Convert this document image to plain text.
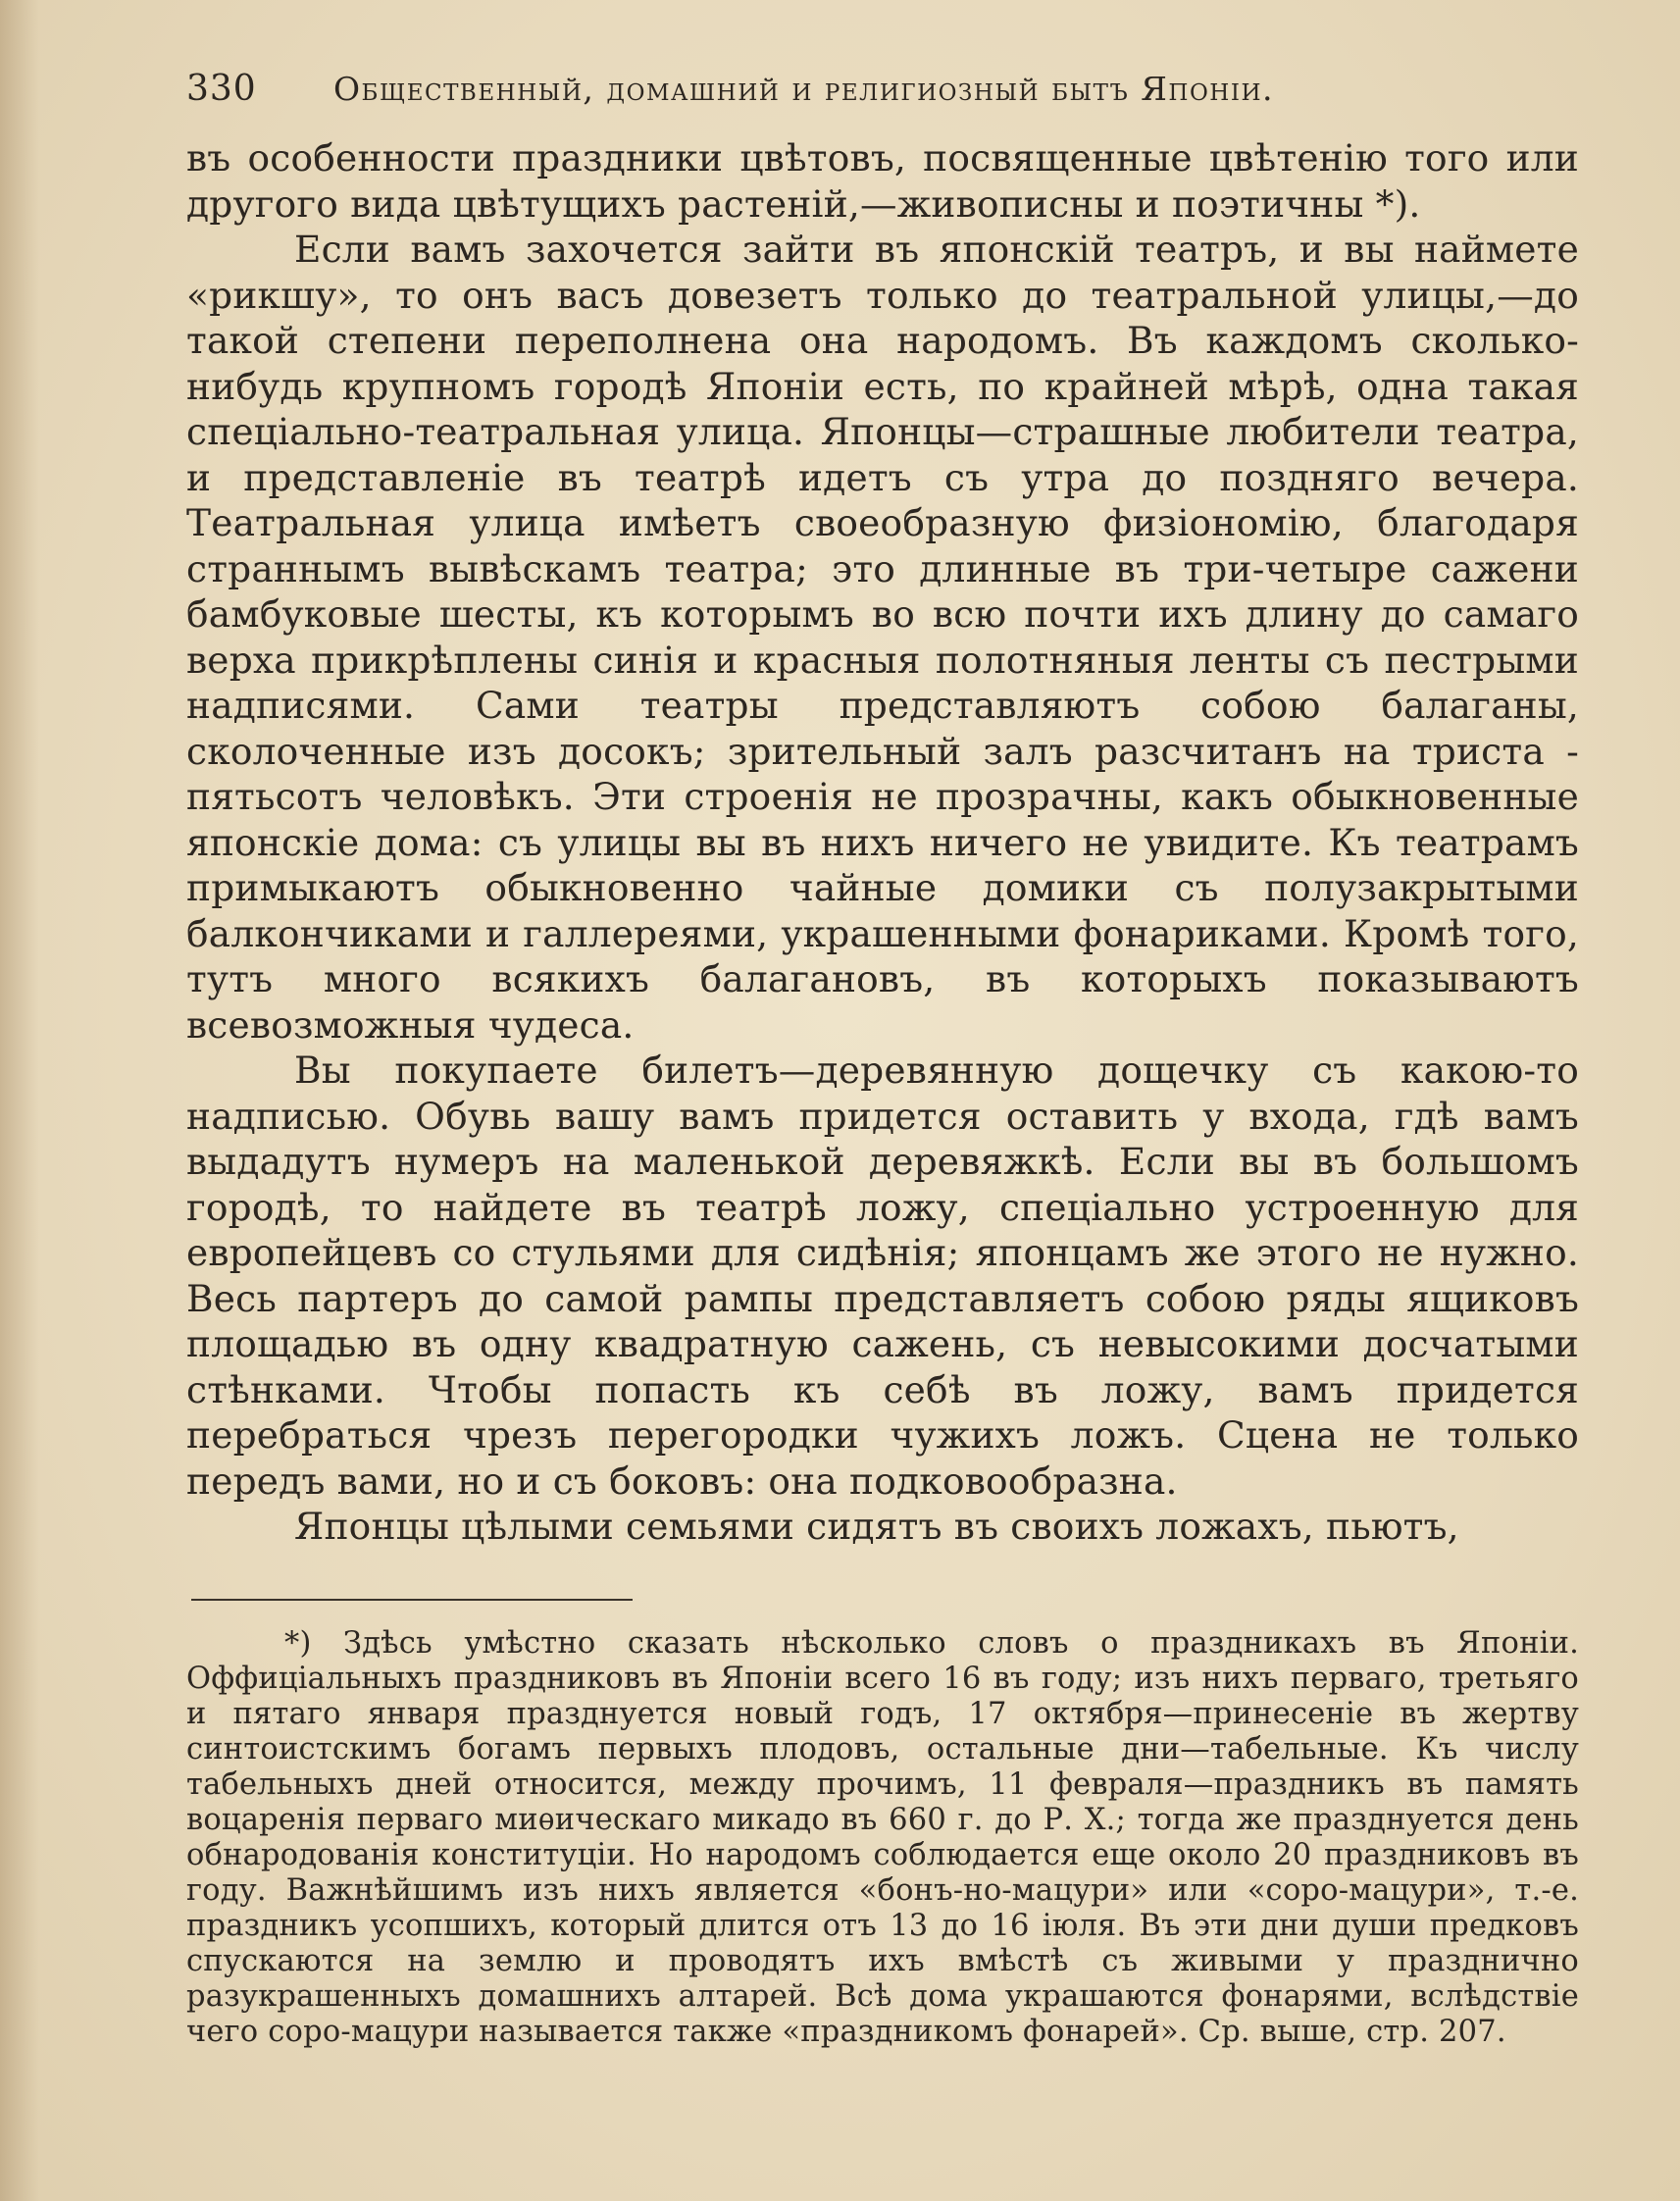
330	Общественный, домашний и религиозный бытъ Японiи.

въ особенности праздники цвѣтовъ, посвященные цвѣтенiю того или другого вида цвѣтущихъ растенiй,—живописны и поэтичны *).

Если вамъ захочется зайти въ японскiй театръ, и вы наймете «рикшу», то онъ васъ довезетъ только до театральной улицы,—до такой степени переполнена она народомъ. Въ каждомъ сколько-нибудь крупномъ городѣ Японiи есть, по крайней мѣрѣ, одна такая спецiально-театральная улица. Японцы—страшные любители театра, и представленiе въ театрѣ идетъ съ утра до поздняго вечера. Театральная улица имѣетъ своеобразную физiономiю, благодаря страннымъ вывѣскамъ театра; это длинные въ три-четыре сажени бамбуковые шесты, къ которымъ во всю почти ихъ длину до самаго верха прикрѣплены синiя и красныя полотняныя ленты съ пестрыми надписями. Сами театры представляютъ собою балаганы, сколоченные изъ досокъ; зрительный залъ разсчитанъ на триста - пятьсотъ человѣкъ. Эти строенiя не прозрачны, какъ обыкновенные японскiе дома: съ улицы вы въ нихъ ничего не увидите. Къ театрамъ примыкаютъ обыкновенно чайные домики съ полузакрытыми балкончиками и галлереями, украшенными фонариками. Кромѣ того, тутъ много всякихъ балагановъ, въ которыхъ показываютъ всевозможныя чудеса.

Вы покупаете билетъ—деревянную дощечку съ какою-то надписью. Обувь вашу вамъ придется оставить у входа, гдѣ вамъ выдадутъ нумеръ на маленькой деревяжкѣ. Если вы въ большомъ городѣ, то найдете въ театрѣ ложу, спецiально устроенную для европейцевъ со стульями для сидѣнiя; японцамъ же этого не нужно. Весь партеръ до самой рампы представляетъ собою ряды ящиковъ площадью въ одну квадратную сажень, съ невысокими досчатыми стѣнками. Чтобы попасть къ себѣ въ ложу, вамъ придется перебраться чрезъ перегородки чужихъ ложъ. Сцена не только передъ вами, но и съ боковъ: она подковообразна.

Японцы цѣлыми семьями сидятъ въ своихъ ложахъ, пьютъ,

*) Здѣсь умѣстно сказать нѣсколько словъ о праздникахъ въ Японiи. Оффицiальныхъ праздниковъ въ Японiи всего 16 въ году; изъ нихъ перваго, третьяго и пятаго января празднуется новый годъ, 17 октября—принесенiе въ жертву синтоистскимъ богамъ первыхъ плодовъ, остальные дни—табельные. Къ числу табельныхъ дней относится, между прочимъ, 11 февраля—праздникъ въ память воцаренiя перваго миѳическаго микадо въ 660 г. до Р. Х.; тогда же празднуется день обнародованiя конституцiи. Но народомъ соблюдается еще около 20 праздниковъ въ году. Важнѣйшимъ изъ нихъ является «бонъ-но-мацури» или «соро-мацури», т.-е. праздникъ усопшихъ, который длится отъ 13 до 16 iюля. Въ эти дни души предковъ спускаются на землю и проводятъ ихъ вмѣстѣ съ живыми у празднично разукрашенныхъ домашнихъ алтарей. Всѣ дома украшаются фонарями, вслѣдствiе чего соро-мацури называется также «праздникомъ фонарей». Ср. выше, стр. 207.
